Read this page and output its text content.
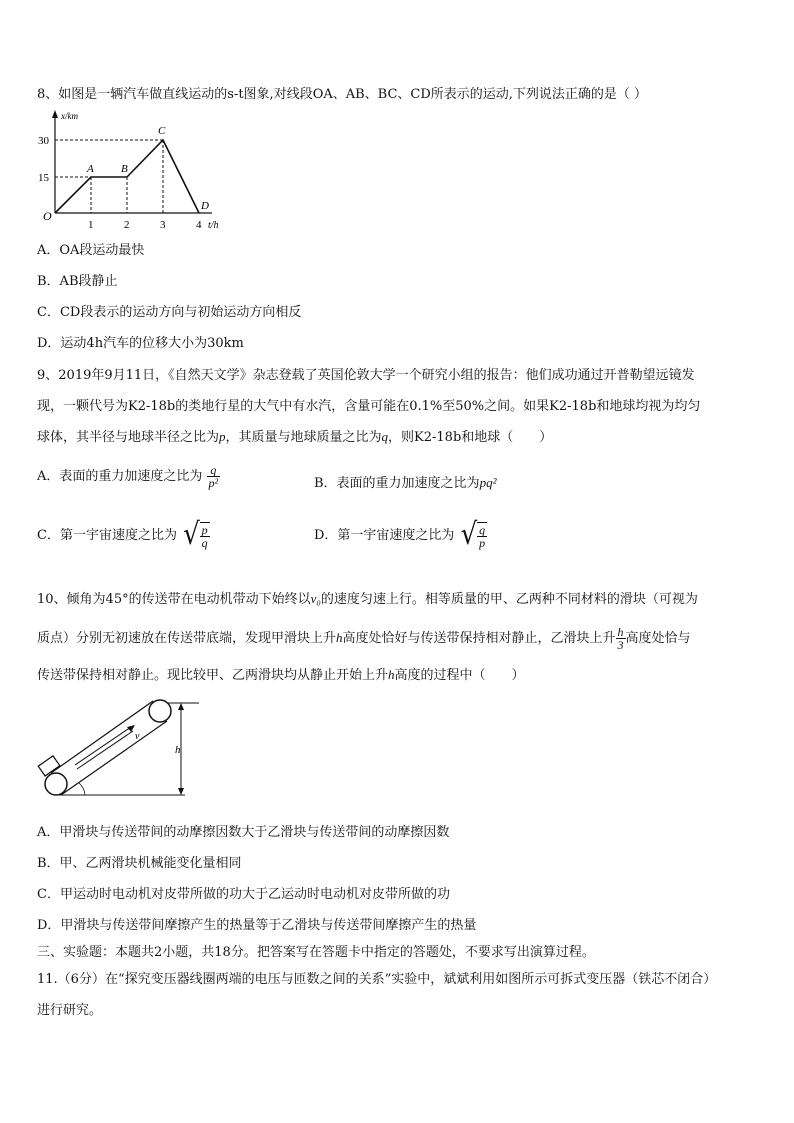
8、如图是一辆汽车做直线运动的s-t图象,对线段OA、AB、BC、CD所表示的运动,下列说法正确的是（ ）
x/km
t/h
30
15
1	2	3	4
O
A B
C
D
A．OA段运动最快
B．AB段静止
C．CD段表示的运动方向与初始运动方向相反
D．运动4h汽车的位移大小为30km
9、2019年9月11日，《自然天文学》杂志登载了英国伦敦大学一个研究小组的报告：他们成功通过开普勒望远镜发
现，一颗代号为K2-18b的类地行星的大气中有水汽，含量可能在0.1%至50%之间。如果K2-18b和地球均视为均匀
球体，其半径与地球半径之比为p，其质量与地球质量之比为q，则K2-18b和地球（　　）
A．表面的重力加速度之比为 $\frac{q}{\text{p²}}$	B．表面的重力加速度之比为pq²
C．第一宇宙速度之比为 √ $\frac{p}{q}$	D．第一宇宙速度之比为 √ $\frac{q}{p}$
10、倾角为45°的传送带在电动机带动下始终以v₀的速度匀速上行。相等质量的甲、乙两种不同材料的滑块（可视为
质点）分别无初速放在传送带底端，发现甲滑块上升h高度处恰好与传送带保持相对静止，乙滑块上升 $\frac{h}{3}$ 高度处恰与
传送带保持相对静止。现比较甲、乙两滑块均从静止开始上升h高度的过程中（　　）
v
h
A．甲滑块与传送带间的动摩擦因数大于乙滑块与传送带间的动摩擦因数
B．甲、乙两滑块机械能变化量相同
C．甲运动时电动机对皮带所做的功大于乙运动时电动机对皮带所做的功
D．甲滑块与传送带间摩擦产生的热量等于乙滑块与传送带间摩擦产生的热量
三、实验题：本题共2小题，共18分。把答案写在答题卡中指定的答题处，不要求写出演算过程。
11.（6分）在“探究变压器线圈两端的电压与匝数之间的关系”实验中，斌斌利用如图所示可拆式变压器（铁芯不闭合）
进行研究。
